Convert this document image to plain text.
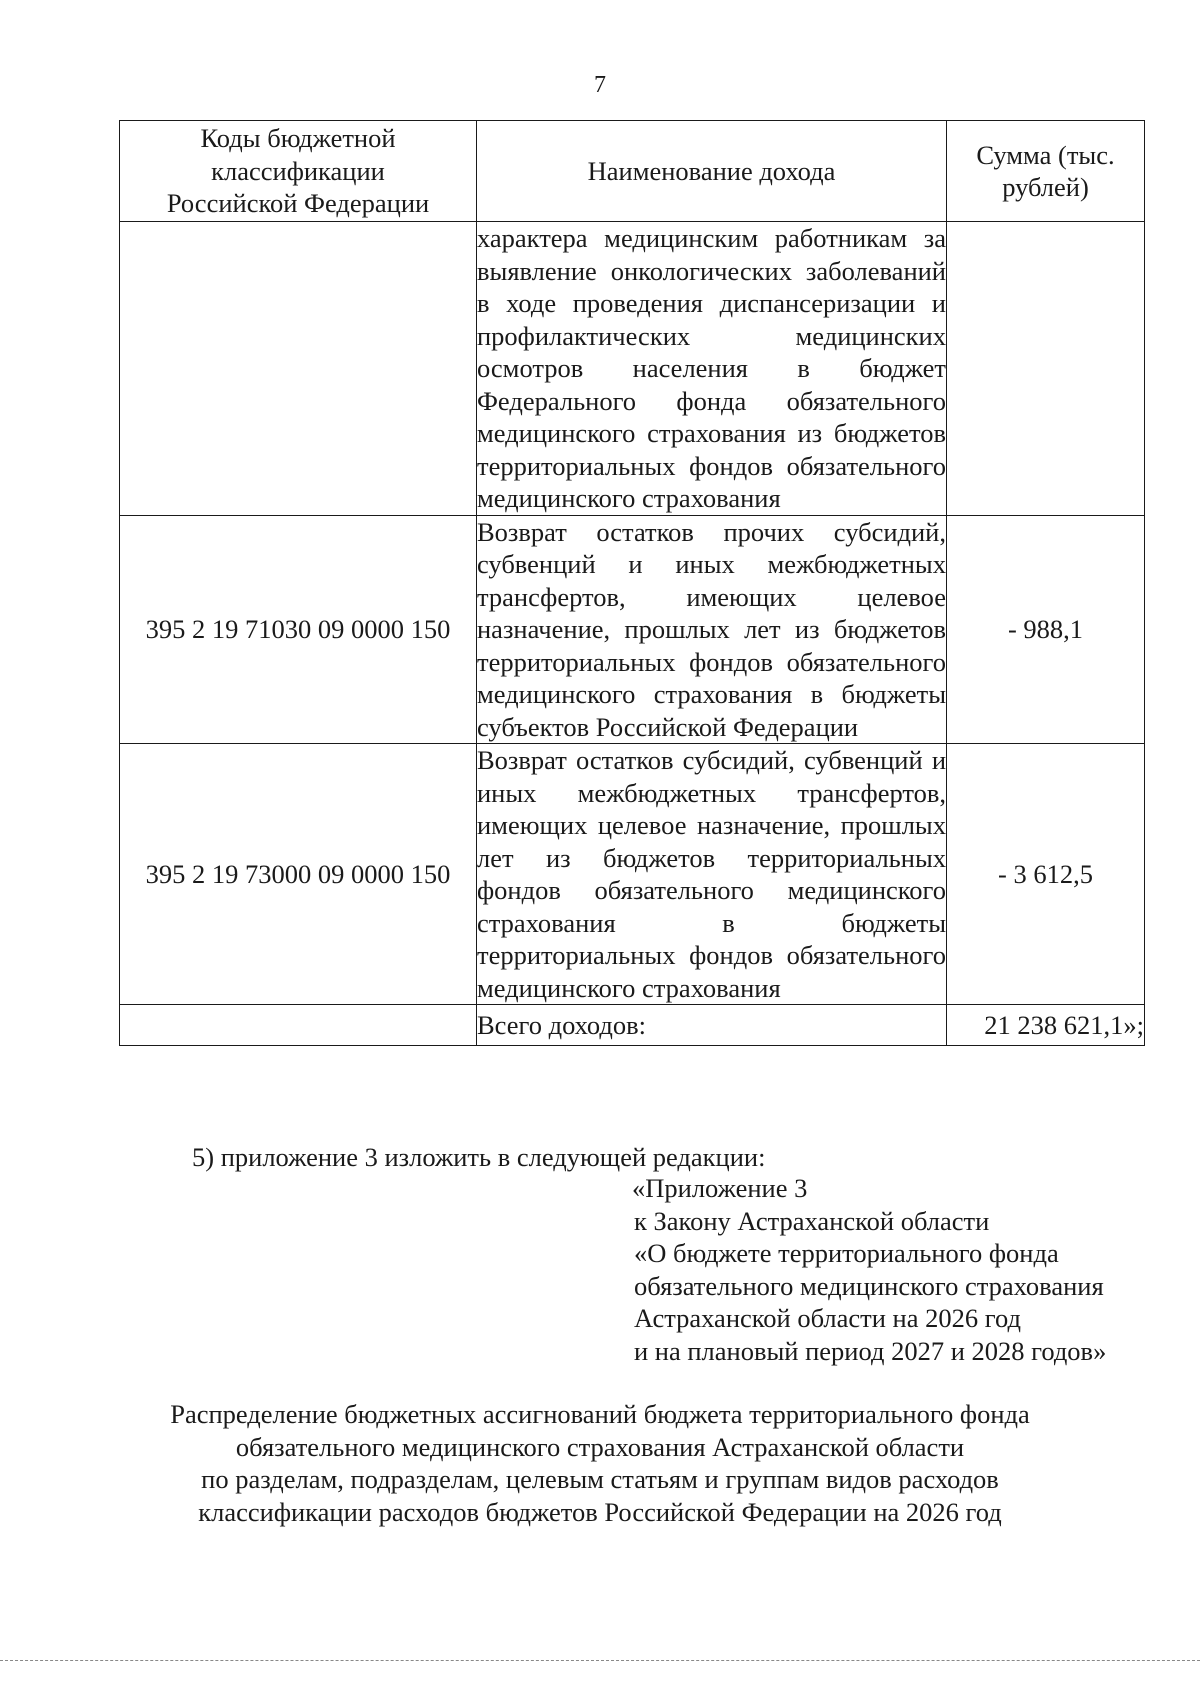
7
Коды бюджетной классификации Российской Федерации	Наименование дохода	Сумма (тыс. рублей)
	характера медицинским работникам за выявление онкологических заболеваний в ходе проведения диспансеризации и профилактических медицинских осмотров населения в бюджет Федерального фонда обязательного медицинского страхования из бюджетов территориальных фондов обязательного медицинского страхования	
395 2 19 71030 09 0000 150	Возврат остатков прочих субсидий, субвенций и иных межбюджетных трансфертов, имеющих целевое назначение, прошлых лет из бюджетов территориальных фондов обязательного медицинского страхования в бюджеты субъектов Российской Федерации	- 988,1
395 2 19 73000 09 0000 150	Возврат остатков субсидий, субвенций и иных межбюджетных трансфертов, имеющих целевое назначение, прошлых лет из бюджетов территориальных фондов обязательного медицинского страхования в бюджеты территориальных фондов обязательного медицинского страхования	- 3 612,5
	Всего доходов:	21 238 621,1»;
5) приложение 3 изложить в следующей редакции:
«Приложение 3
к Закону Астраханской области
«О бюджете территориального фонда
обязательного медицинского страхования
Астраханской области на 2026 год
и на плановый период 2027 и 2028 годов»
Распределение бюджетных ассигнований бюджета территориального фонда
обязательного медицинского страхования Астраханской области
по разделам, подразделам, целевым статьям и группам видов расходов
классификации расходов бюджетов Российской Федерации на 2026 год
